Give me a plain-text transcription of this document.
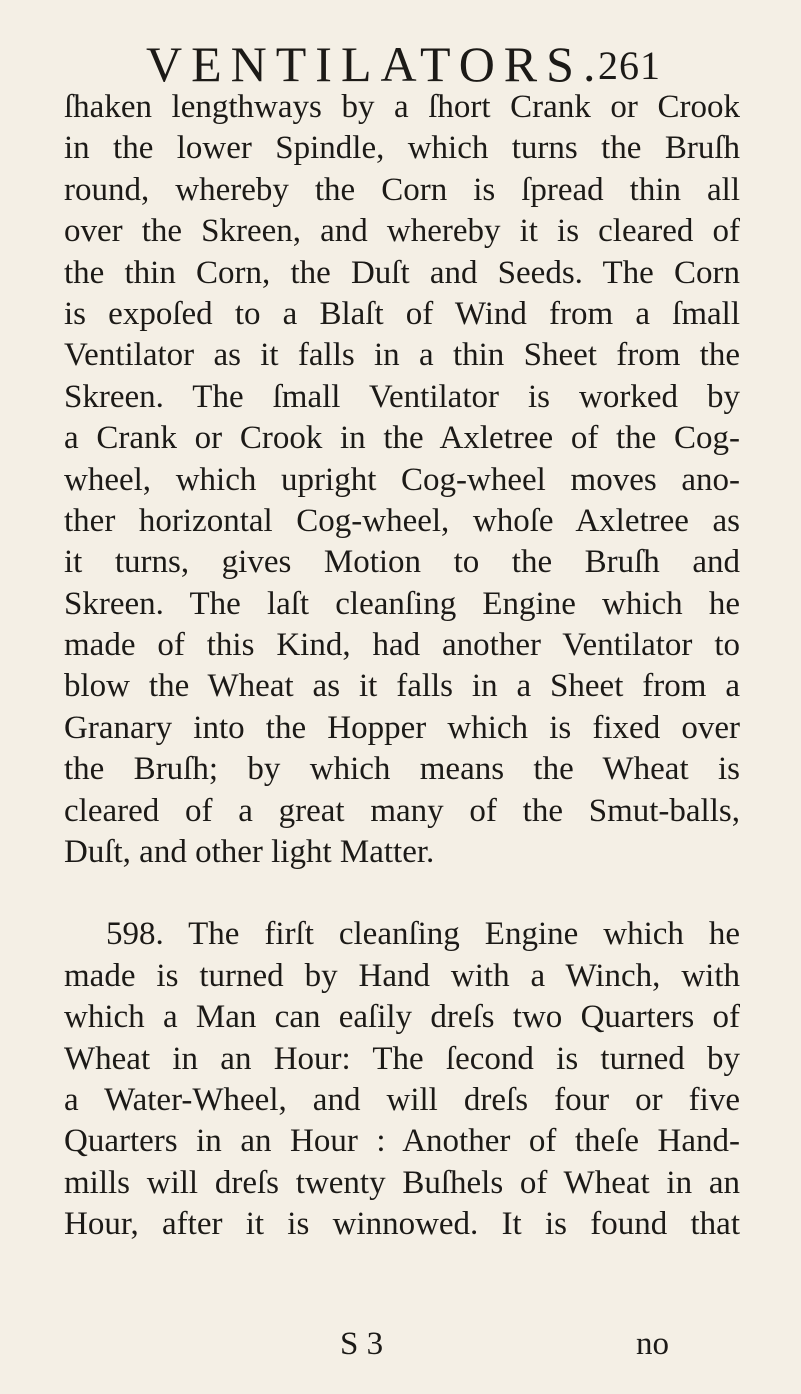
VENTILATORS.
261
ſhaken lengthways by a ſhort Crank or Crook
in the lower Spindle, which turns the Bruſh
round, whereby the Corn is ſpread thin all
over the Skreen, and whereby it is cleared of
the thin Corn, the Duſt and Seeds. The Corn
is expoſed to a Blaſt of Wind from a ſmall
Ventilator as it falls in a thin Sheet from the
Skreen. The ſmall Ventilator is worked by
a Crank or Crook in the Axletree of the Cog-
wheel, which upright Cog-wheel moves ano-
ther horizontal Cog-wheel, whoſe Axletree as
it turns, gives Motion to the Bruſh and
Skreen. The laſt cleanſing Engine which he
made of this Kind, had another Ventilator to
blow the Wheat as it falls in a Sheet from a
Granary into the Hopper which is fixed over
the Bruſh; by which means the Wheat is
cleared of a great many of the Smut-balls,
Duſt, and other light Matter.
598. The firſt cleanſing Engine which he
made is turned by Hand with a Winch, with
which a Man can eaſily dreſs two Quarters of
Wheat in an Hour: The ſecond is turned by
a Water-Wheel, and will dreſs four or five
Quarters in an Hour : Another of theſe Hand-
mills will dreſs twenty Buſhels of Wheat in an
Hour, after it is winnowed. It is found that
S 3	no
